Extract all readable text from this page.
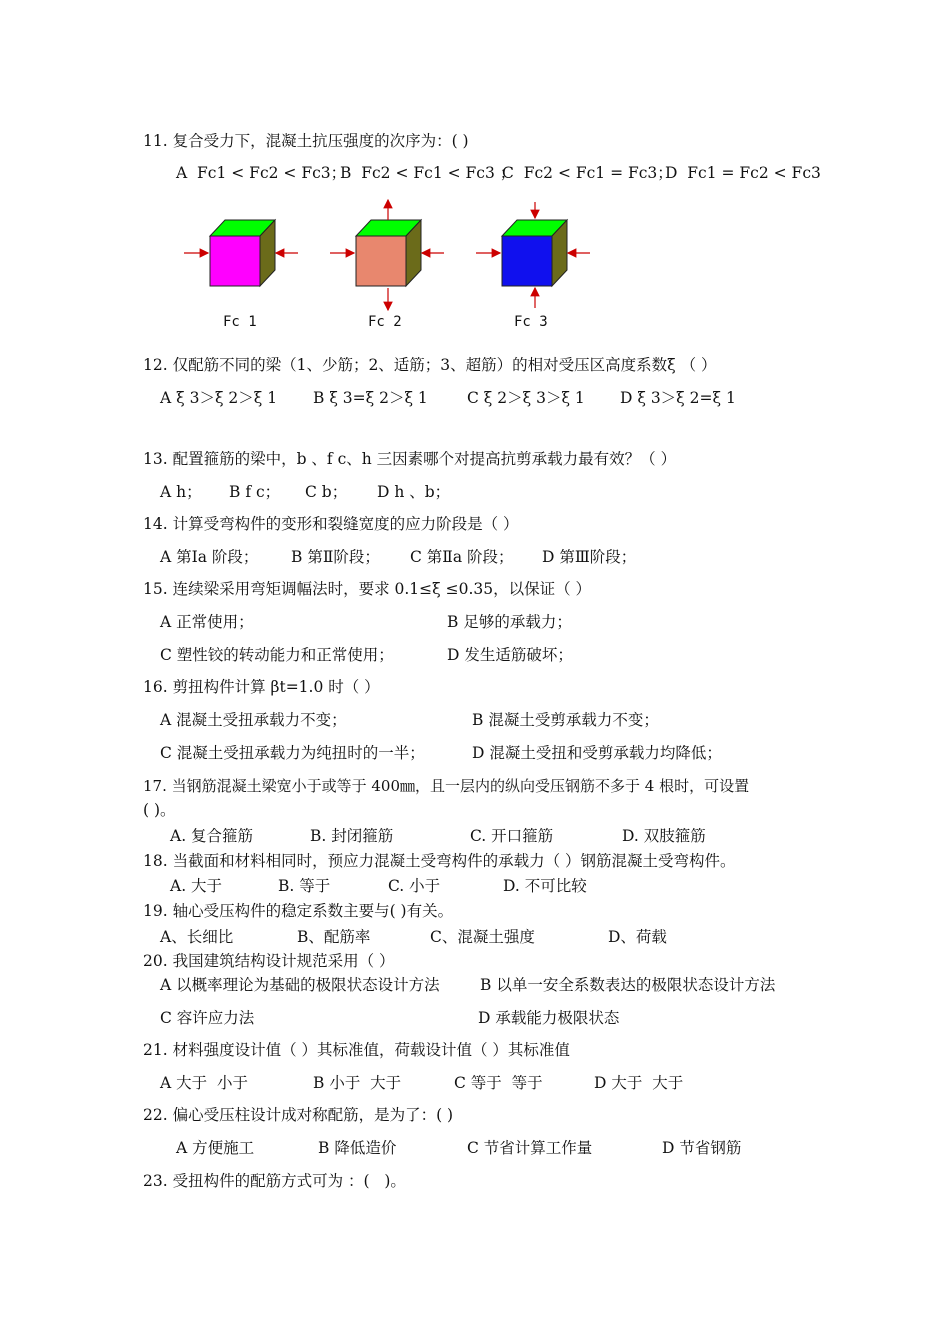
11. 复合受力下，混凝土抗压强度的次序为：( )
A  Fc1 < Fc2 < Fc3；
B  Fc2 < Fc1 < Fc3 ；
C  Fc2 < Fc1 = Fc3；
D  Fc1 = Fc2 < Fc3
Fc 1	Fc 2	Fc 3
12. 仅配筋不同的梁（1、少筋；2、适筋；3、超筋）的相对受压区高度系数ξ （ ）
A ξ 3＞ξ 2＞ξ 1 B ξ 3=ξ 2＞ξ 1	C ξ 2＞ξ 3＞ξ 1 D ξ 3＞ξ 2=ξ 1
13. 配置箍筋的梁中，b 、f c、h 三因素哪个对提高抗剪承载力最有效？（ ）
A h； B f c； C b； D h 、b；
14. 计算受弯构件的变形和裂缝宽度的应力阶段是（ ）
A 第Ⅰa 阶段； B 第Ⅱ阶段； C 第Ⅱa 阶段； D 第Ⅲ阶段；
15. 连续梁采用弯矩调幅法时，要求 0.1≤ξ ≤0.35，以保证（ ）
A 正常使用；	B 足够的承载力；
C 塑性铰的转动能力和正常使用；	D 发生适筋破坏；
16. 剪扭构件计算 βt=1.0 时（ ）
A 混凝土受扭承载力不变；	B 混凝土受剪承载力不变；
C 混凝土受扭承载力为纯扭时的一半；	D 混凝土受扭和受剪承载力均降低；
17. 当钢筋混凝土梁宽小于或等于 400㎜，且一层内的纵向受压钢筋不多于 4 根时，可设置
( )。
A. 复合箍筋	B. 封闭箍筋	C. 开口箍筋	D. 双肢箍筋
18. 当截面和材料相同时，预应力混凝土受弯构件的承载力（ ）钢筋混凝土受弯构件。
A. 大于	B. 等于	C. 小于	D. 不可比较
19. 轴心受压构件的稳定系数主要与( )有关。
A、长细比	B、配筋率	C、混凝土强度	D、荷载
20. 我国建筑结构设计规范采用（ ）
A 以概率理论为基础的极限状态设计方法	B 以单一安全系数表达的极限状态设计方法
C 容许应力法	D 承载能力极限状态
21. 材料强度设计值（ ）其标准值，荷载设计值（ ）其标准值
A 大于  小于	B 小于  大于	C 等于  等于	D 大于  大于
22. 偏心受压柱设计成对称配筋，是为了：( )
A 方便施工	B 降低造价	C 节省计算工作量	D 节省钢筋
23. 受扭构件的配筋方式可为 ：(   )。
